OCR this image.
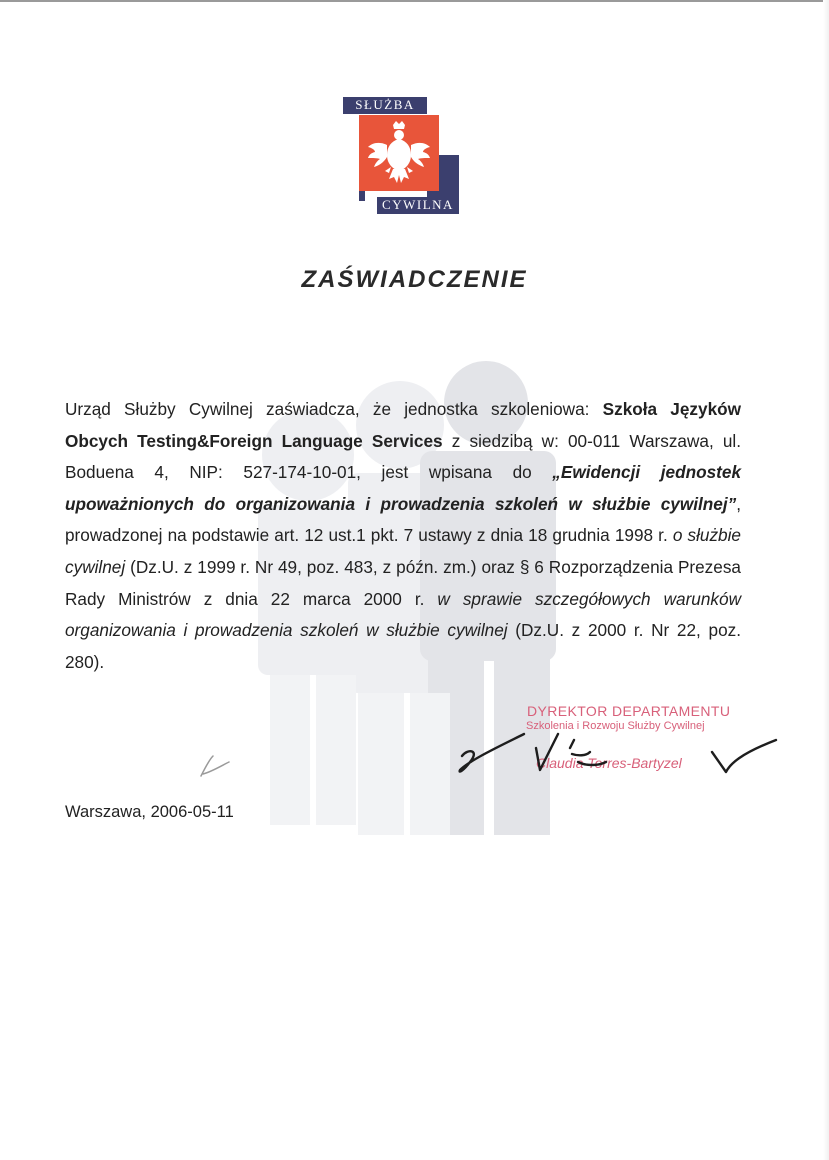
SŁUŻBA
CYWILNA
ZAŚWIADCZENIE
Urząd Służby Cywilnej zaświadcza, że jednostka szkoleniowa: Szkoła Języków Obcych Testing&Foreign Language Services z siedzibą w: 00-011 Warszawa, ul. Boduena 4, NIP: 527-174-10-01, jest wpisana do „Ewidencji jednostek upoważnionych do organizowania i prowadzenia szkoleń w służbie cywilnej”, prowadzonej na podstawie art. 12 ust.1 pkt. 7 ustawy z dnia 18 grudnia 1998 r. o służbie cywilnej (Dz.U. z 1999 r. Nr 49, poz. 483, z późn. zm.) oraz § 6 Rozporządzenia Prezesa Rady Ministrów z dnia 22 marca 2000 r. w sprawie szczegółowych warunków organizowania i prowadzenia szkoleń w służbie cywilnej (Dz.U. z 2000 r. Nr 22, poz. 280).
DYREKTOR DEPARTAMENTU
Szkolenia i Rozwoju Służby Cywilnej
Claudia Torres-Bartyzel
Warszawa, 2006-05-11
